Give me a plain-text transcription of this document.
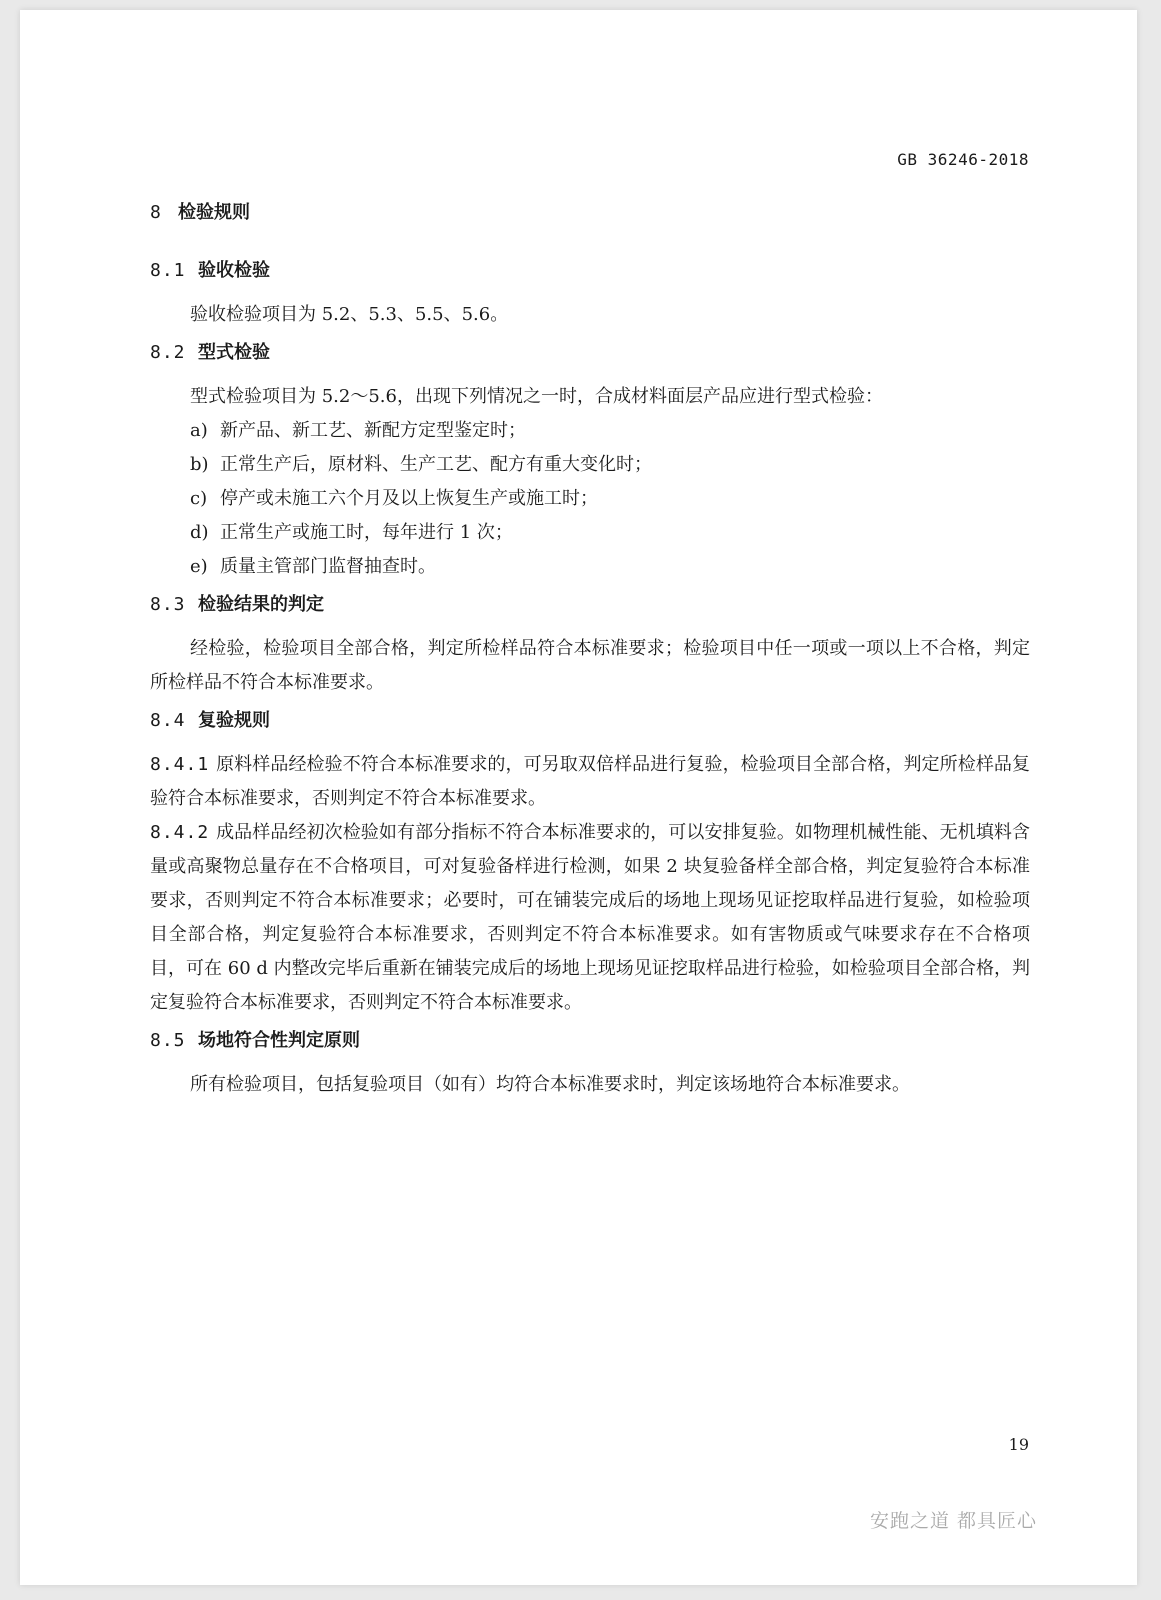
GB 36246-2018
8 检验规则
8.1 验收检验
验收检验项目为 5.2、5.3、5.5、5.6。
8.2 型式检验
型式检验项目为 5.2～5.6，出现下列情况之一时，合成材料面层产品应进行型式检验：
a) 新产品、新工艺、新配方定型鉴定时；
b) 正常生产后，原材料、生产工艺、配方有重大变化时；
c) 停产或未施工六个月及以上恢复生产或施工时；
d) 正常生产或施工时，每年进行 1 次；
e) 质量主管部门监督抽查时。
8.3 检验结果的判定
经检验，检验项目全部合格，判定所检样品符合本标准要求；检验项目中任一项或一项以上不合格，判定所检样品不符合本标准要求。
8.4 复验规则
8.4.1 原料样品经检验不符合本标准要求的，可另取双倍样品进行复验，检验项目全部合格，判定所检样品复验符合本标准要求，否则判定不符合本标准要求。
8.4.2 成品样品经初次检验如有部分指标不符合本标准要求的，可以安排复验。如物理机械性能、无机填料含量或高聚物总量存在不合格项目，可对复验备样进行检测，如果 2 块复验备样全部合格，判定复验符合本标准要求，否则判定不符合本标准要求；必要时，可在铺装完成后的场地上现场见证挖取样品进行复验，如检验项目全部合格，判定复验符合本标准要求，否则判定不符合本标准要求。如有害物质或气味要求存在不合格项目，可在 60 d 内整改完毕后重新在铺装完成后的场地上现场见证挖取样品进行检验，如检验项目全部合格，判定复验符合本标准要求，否则判定不符合本标准要求。
8.5 场地符合性判定原则
所有检验项目，包括复验项目（如有）均符合本标准要求时，判定该场地符合本标准要求。
19
安跑之道 都具匠心
